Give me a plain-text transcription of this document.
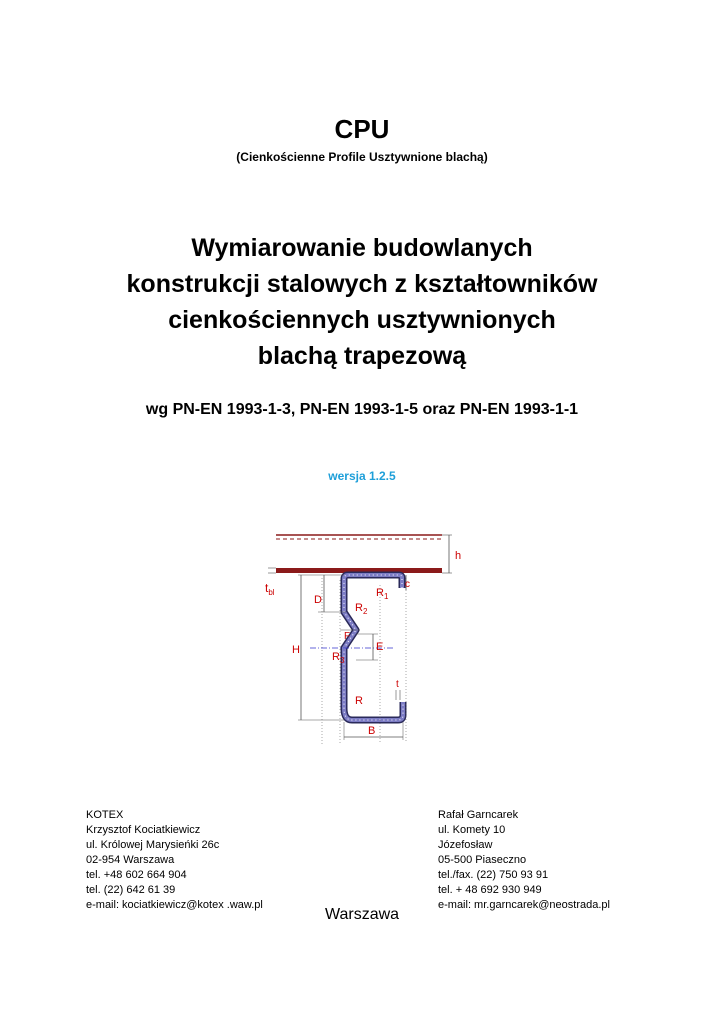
CPU
(Cienkościenne Profile Usztywnione blachą)
Wymiarowanie budowlanych
konstrukcji stalowych z kształtowników
cienkościennych usztywnionych
blachą trapezową
wg PN-EN 1993-1-3, PN-EN 1993-1-5 oraz PN-EN 1993-1-1
wersja 1.2.5
h
$t_{bl}$
H
D
F
E
c
B
t
$R_1$
$R_2$
$R_3$
R
KOTEX
Krzysztof Kociatkiewicz
ul. Królowej Marysieńki 26c
02-954 Warszawa
tel. +48 602 664 904
tel. (22) 642 61 39
e-mail: kociatkiewicz@kotex .waw.pl
Rafał Garncarek
ul. Komety 10
Józefosław
05-500 Piaseczno
tel./fax. (22) 750 93 91
tel. + 48 692 930 949
e-mail: mr.garncarek@neostrada.pl
Warszawa
